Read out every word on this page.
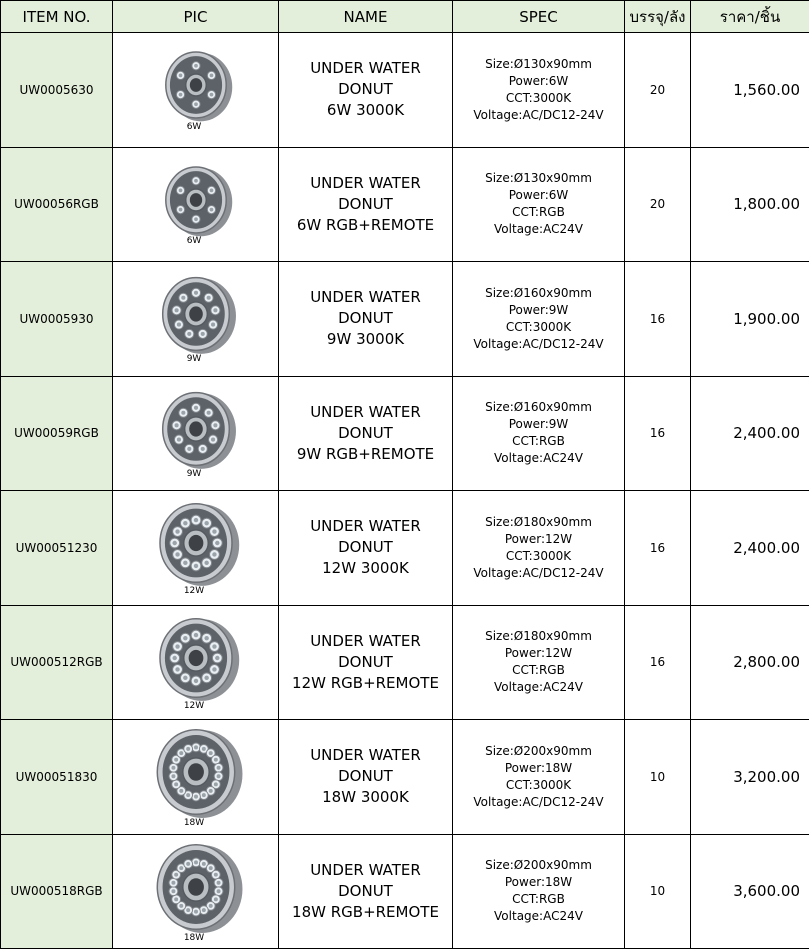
ITEM NO.	PIC	NAME	SPEC	บรรจุ/ลัง	ราคา/ชิ้น
UW0005630	6W	UNDER WATER
DONUT
6W 3000K	Size:Ø130x90mm
Power:6W
CCT:3000K
Voltage:AC/DC12-24V	20	1,560.00
UW00056RGB	6W	UNDER WATER
DONUT
6W RGB+REMOTE	Size:Ø130x90mm
Power:6W
CCT:RGB
Voltage:AC24V	20	1,800.00
UW0005930	9W	UNDER WATER
DONUT
9W 3000K	Size:Ø160x90mm
Power:9W
CCT:3000K
Voltage:AC/DC12-24V	16	1,900.00
UW00059RGB	9W	UNDER WATER
DONUT
9W RGB+REMOTE	Size:Ø160x90mm
Power:9W
CCT:RGB
Voltage:AC24V	16	2,400.00
UW00051230	12W	UNDER WATER
DONUT
12W 3000K	Size:Ø180x90mm
Power:12W
CCT:3000K
Voltage:AC/DC12-24V	16	2,400.00
UW000512RGB	12W	UNDER WATER
DONUT
12W RGB+REMOTE	Size:Ø180x90mm
Power:12W
CCT:RGB
Voltage:AC24V	16	2,800.00
UW00051830	18W	UNDER WATER
DONUT
18W 3000K	Size:Ø200x90mm
Power:18W
CCT:3000K
Voltage:AC/DC12-24V	10	3,200.00
UW000518RGB	18W	UNDER WATER
DONUT
18W RGB+REMOTE	Size:Ø200x90mm
Power:18W
CCT:RGB
Voltage:AC24V	10	3,600.00
